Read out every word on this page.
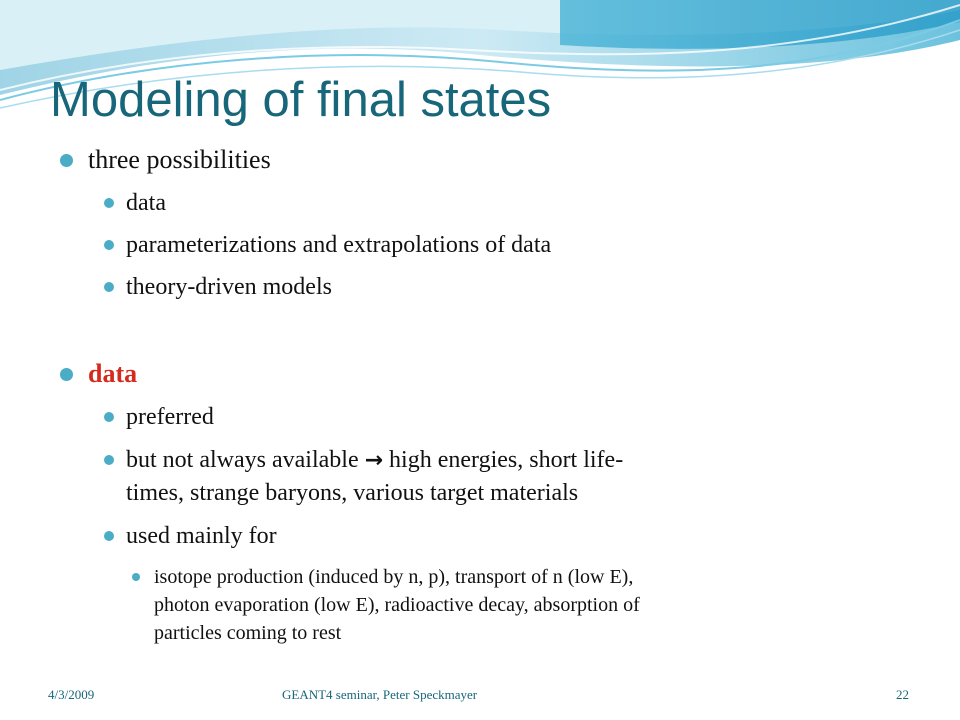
Modeling of final states
three possibilities
data
parameterizations and extrapolations of data
theory-driven models
data
preferred
but not always available → high energies, short life-
times, strange baryons, various target materials
used mainly for
isotope production (induced by n, p), transport of n (low E),
photon evaporation (low E), radioactive decay, absorption of
particles coming to rest
4/3/2009	GEANT4 seminar, Peter Speckmayer	22
